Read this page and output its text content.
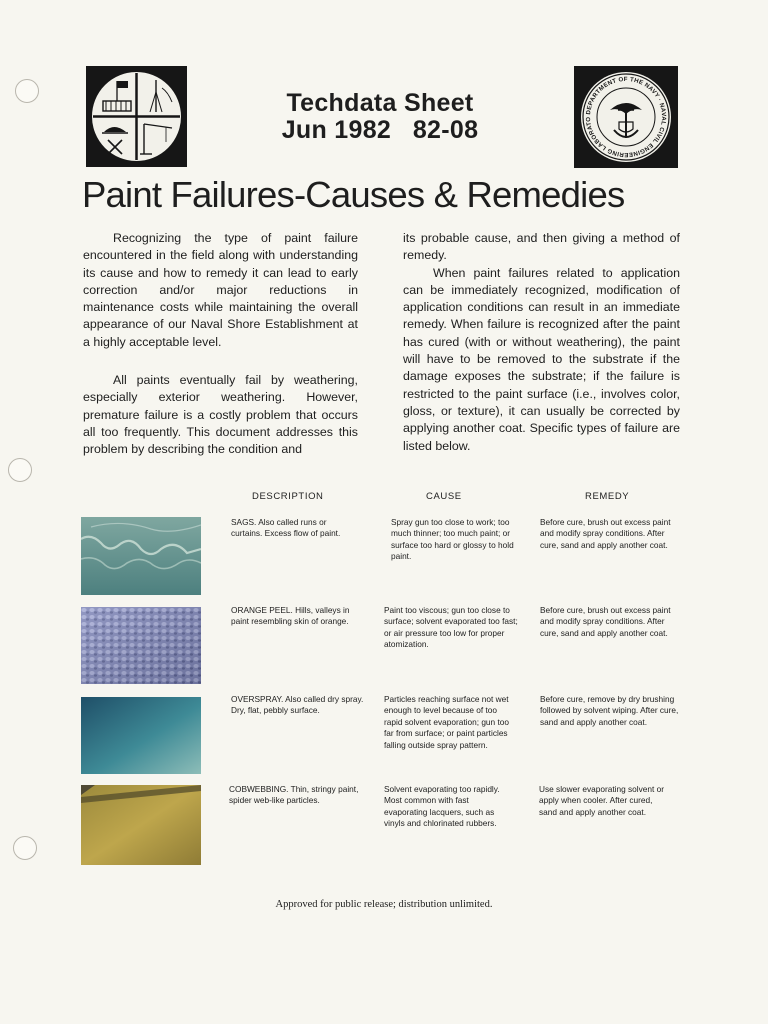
Techdata Sheet
Jun 1982   82-08
DEPARTMENT OF THE NAVY · NAVAL CIVIL ENGINEERING LABORATO
Paint Failures-Causes & Remedies

Recognizing the type of paint failure encountered in the field along with understanding its cause and how to remedy it can lead to early correction and/or major reductions in maintenance costs while maintaining the overall appearance of our Naval Shore Establishment at a highly acceptable level.

All paints eventually fail by weathering, especially exterior weathering. However, premature failure is a costly problem that occurs all too frequently. This document addresses this problem by describing the condition and

its probable cause, and then giving a method of remedy.

When paint failures related to application can be immediately recognized, modification of application conditions can result in an immediate remedy. When failure is recognized after the paint has cured (with or without weathering), the paint will have to be removed to the substrate if the damage exposes the substrate; if the failure is restricted to the paint surface (i.e., involves color, gloss, or texture), it can usually be corrected by applying another coat. Specific types of failure are listed below.

DESCRIPTION	CAUSE	REMEDY
SAGS. Also called runs or curtains. Excess flow of paint.
Spray gun too close to work; too much thinner; too much paint; or surface too hard or glossy to hold paint.
Before cure, brush out excess paint and modify spray conditions. After cure, sand and apply another coat.
ORANGE PEEL. Hills, valleys in paint resembling skin of orange.
Paint too viscous; gun too close to surface; solvent evaporated too fast; or air pressure too low for proper atomization.
Before cure, brush out excess paint and modify spray conditions. After cure, sand and apply another coat.
OVERSPRAY. Also called dry spray. Dry, flat, pebbly surface.
Particles reaching surface not wet enough to level because of too rapid solvent evaporation; gun too far from surface; or paint particles falling outside spray pattern.
Before cure, remove by dry brushing followed by solvent wiping. After cure, sand and apply another coat.
COBWEBBING. Thin, stringy paint, spider web-like particles.
Solvent evaporating too rapidly. Most common with fast evaporating lacquers, such as vinyls and chlorinated rubbers.
Use slower evaporating solvent or apply when cooler. After cured, sand and apply another coat.
Approved for public release; distribution unlimited.
